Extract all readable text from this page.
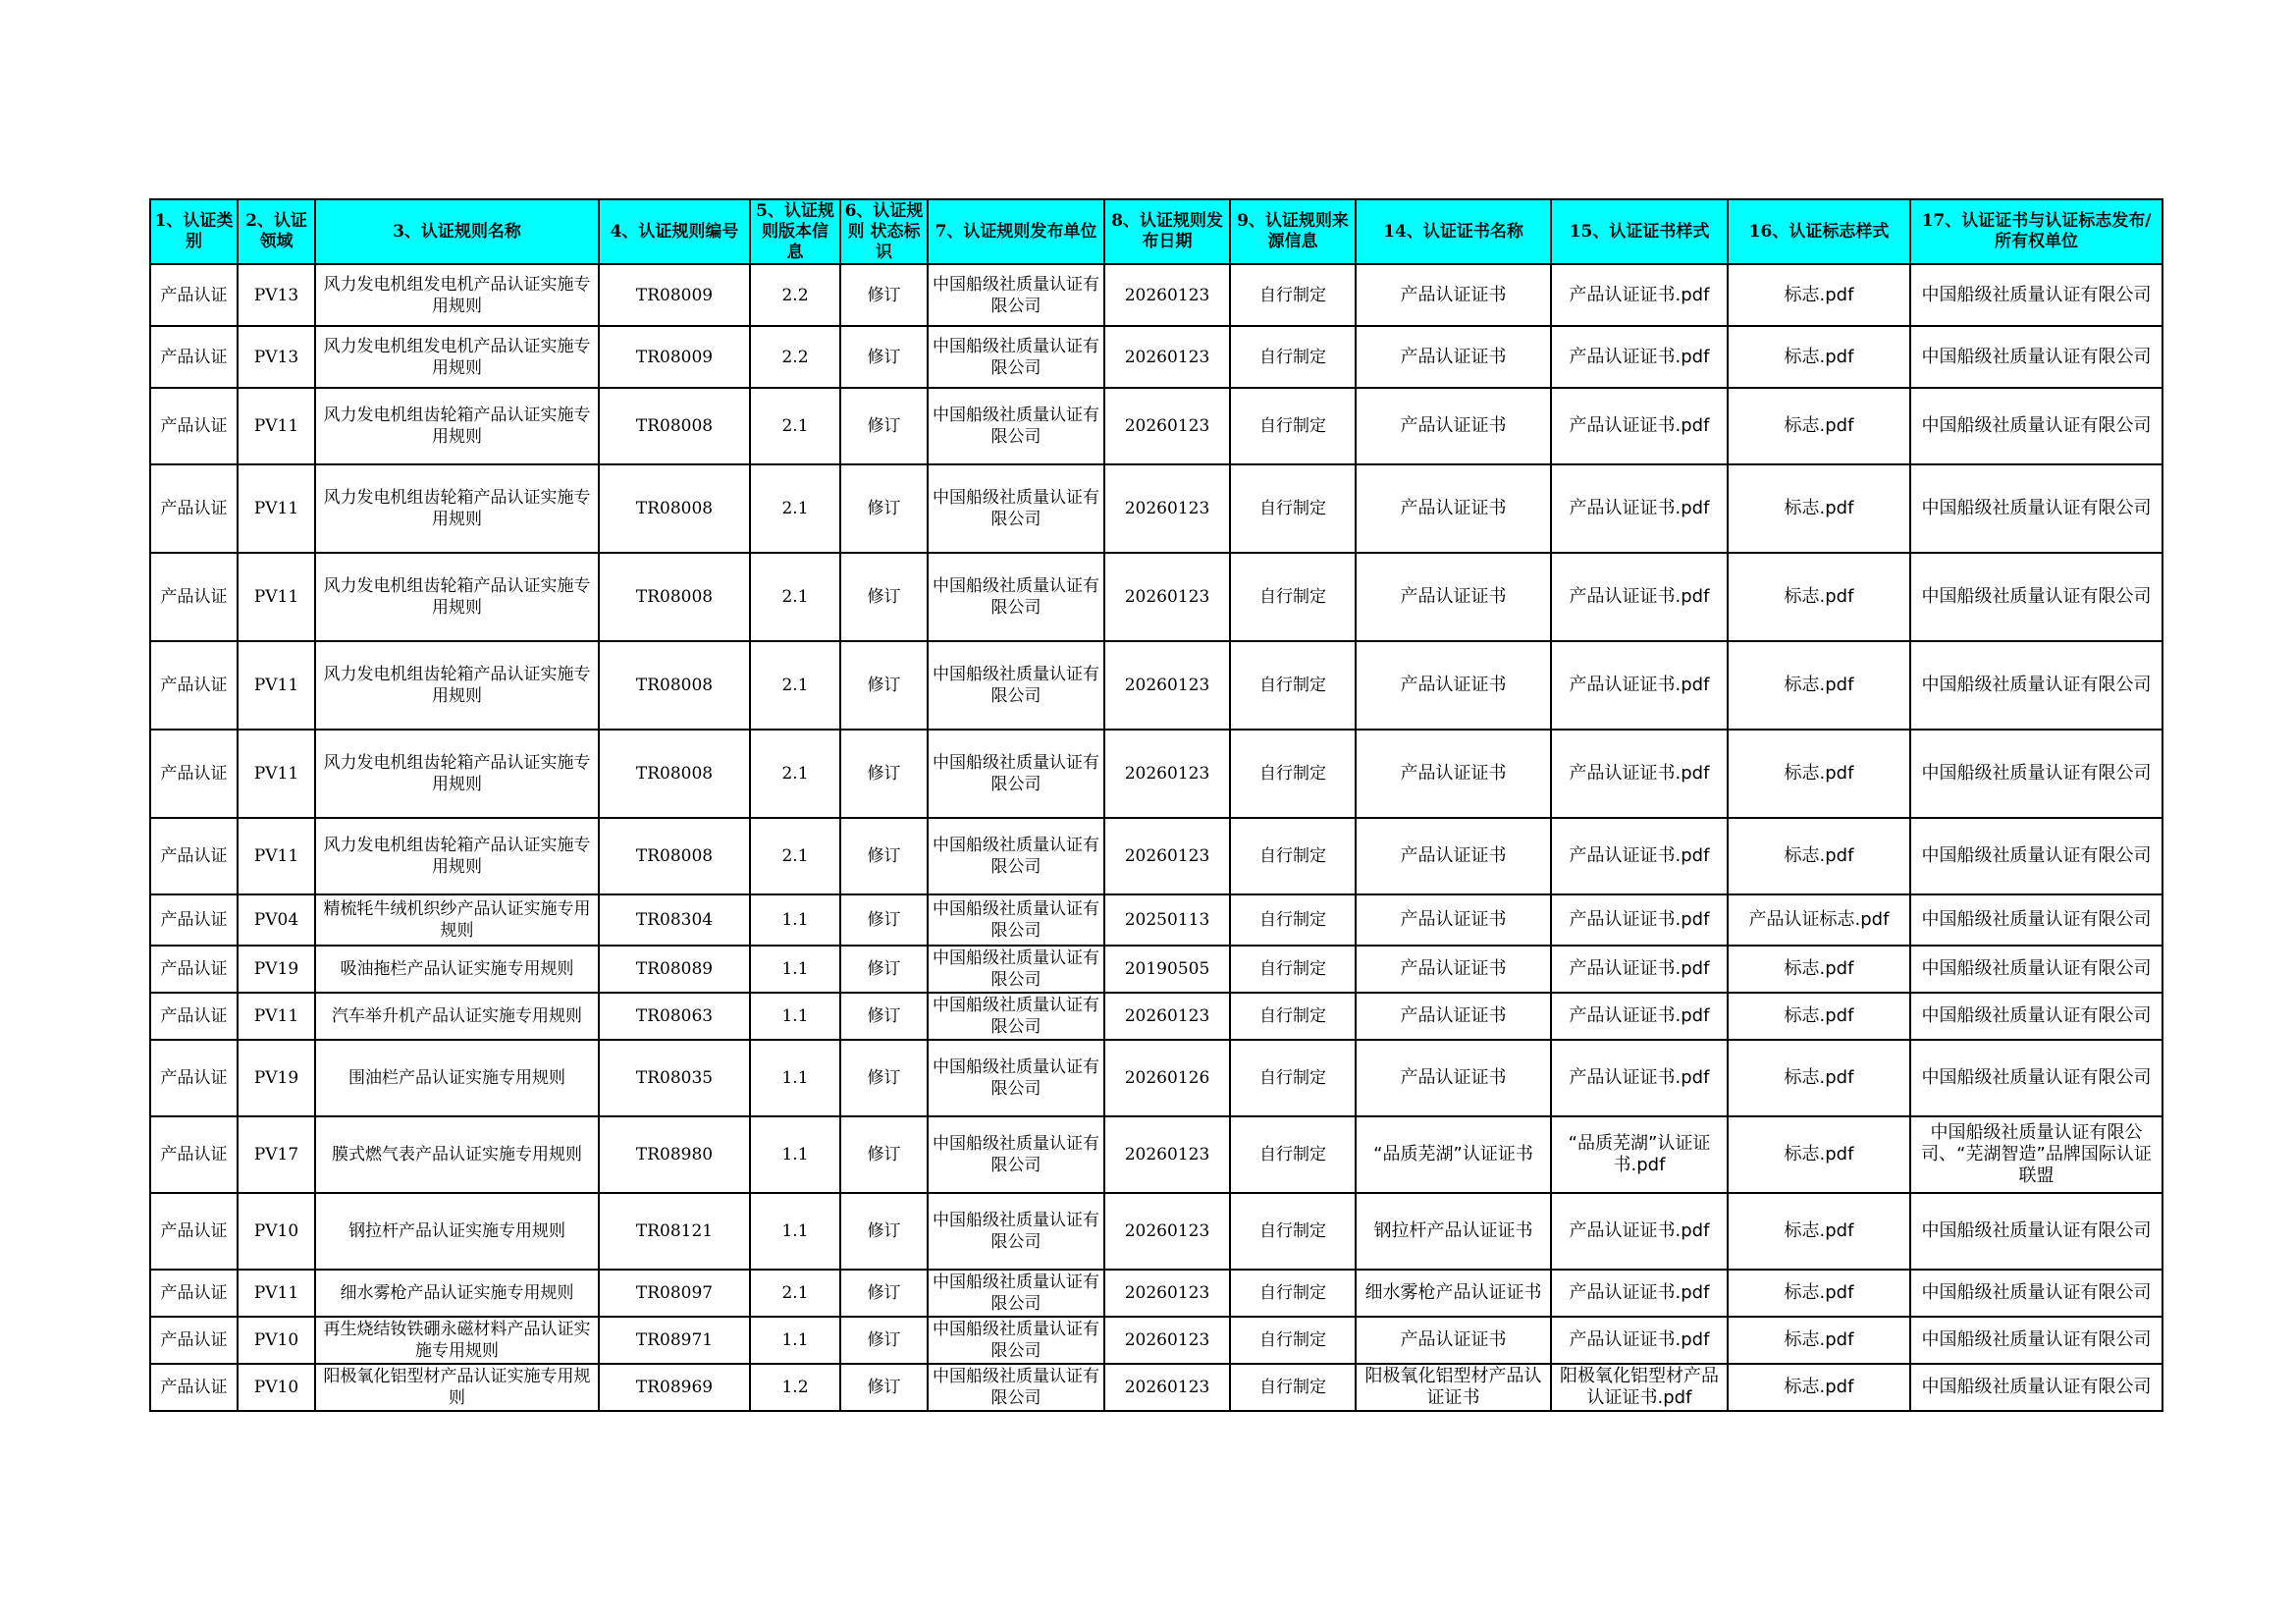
1、认证类别	2、认证领域	3、认证规则名称	4、认证规则编号	5、认证规则版本信息	6、认证规则 状态标识	7、认证规则发布单位	8、认证规则发布日期	9、认证规则来源信息	14、认证证书名称	15、认证证书样式	16、认证标志样式	17、认证证书与认证标志发布/所有权单位
产品认证	PV13	风力发电机组发电机产品认证实施专用规则	TR08009	2.2	修订	中国船级社质量认证有限公司	20260123	自行制定	产品认证证书	产品认证证书.pdf	标志.pdf	中国船级社质量认证有限公司
产品认证	PV13	风力发电机组发电机产品认证实施专用规则	TR08009	2.2	修订	中国船级社质量认证有限公司	20260123	自行制定	产品认证证书	产品认证证书.pdf	标志.pdf	中国船级社质量认证有限公司
产品认证	PV11	风力发电机组齿轮箱产品认证实施专用规则	TR08008	2.1	修订	中国船级社质量认证有限公司	20260123	自行制定	产品认证证书	产品认证证书.pdf	标志.pdf	中国船级社质量认证有限公司
产品认证	PV11	风力发电机组齿轮箱产品认证实施专用规则	TR08008	2.1	修订	中国船级社质量认证有限公司	20260123	自行制定	产品认证证书	产品认证证书.pdf	标志.pdf	中国船级社质量认证有限公司
产品认证	PV11	风力发电机组齿轮箱产品认证实施专用规则	TR08008	2.1	修订	中国船级社质量认证有限公司	20260123	自行制定	产品认证证书	产品认证证书.pdf	标志.pdf	中国船级社质量认证有限公司
产品认证	PV11	风力发电机组齿轮箱产品认证实施专用规则	TR08008	2.1	修订	中国船级社质量认证有限公司	20260123	自行制定	产品认证证书	产品认证证书.pdf	标志.pdf	中国船级社质量认证有限公司
产品认证	PV11	风力发电机组齿轮箱产品认证实施专用规则	TR08008	2.1	修订	中国船级社质量认证有限公司	20260123	自行制定	产品认证证书	产品认证证书.pdf	标志.pdf	中国船级社质量认证有限公司
产品认证	PV11	风力发电机组齿轮箱产品认证实施专用规则	TR08008	2.1	修订	中国船级社质量认证有限公司	20260123	自行制定	产品认证证书	产品认证证书.pdf	标志.pdf	中国船级社质量认证有限公司
产品认证	PV04	精梳牦牛绒机织纱产品认证实施专用规则	TR08304	1.1	修订	中国船级社质量认证有限公司	20250113	自行制定	产品认证证书	产品认证证书.pdf	产品认证标志.pdf	中国船级社质量认证有限公司
产品认证	PV19	吸油拖栏产品认证实施专用规则	TR08089	1.1	修订	中国船级社质量认证有限公司	20190505	自行制定	产品认证证书	产品认证证书.pdf	标志.pdf	中国船级社质量认证有限公司
产品认证	PV11	汽车举升机产品认证实施专用规则	TR08063	1.1	修订	中国船级社质量认证有限公司	20260123	自行制定	产品认证证书	产品认证证书.pdf	标志.pdf	中国船级社质量认证有限公司
产品认证	PV19	围油栏产品认证实施专用规则	TR08035	1.1	修订	中国船级社质量认证有限公司	20260126	自行制定	产品认证证书	产品认证证书.pdf	标志.pdf	中国船级社质量认证有限公司
产品认证	PV17	膜式燃气表产品认证实施专用规则	TR08980	1.1	修订	中国船级社质量认证有限公司	20260123	自行制定	“品质芜湖”认证证书	“品质芜湖”认证证书.pdf	标志.pdf	中国船级社质量认证有限公司、“芜湖智造”品牌国际认证联盟
产品认证	PV10	钢拉杆产品认证实施专用规则	TR08121	1.1	修订	中国船级社质量认证有限公司	20260123	自行制定	钢拉杆产品认证证书	产品认证证书.pdf	标志.pdf	中国船级社质量认证有限公司
产品认证	PV11	细水雾枪产品认证实施专用规则	TR08097	2.1	修订	中国船级社质量认证有限公司	20260123	自行制定	细水雾枪产品认证证书	产品认证证书.pdf	标志.pdf	中国船级社质量认证有限公司
产品认证	PV10	再生烧结钕铁硼永磁材料产品认证实施专用规则	TR08971	1.1	修订	中国船级社质量认证有限公司	20260123	自行制定	产品认证证书	产品认证证书.pdf	标志.pdf	中国船级社质量认证有限公司
产品认证	PV10	阳极氧化铝型材产品认证实施专用规则	TR08969	1.2	修订	中国船级社质量认证有限公司	20260123	自行制定	阳极氧化铝型材产品认证证书	阳极氧化铝型材产品认证证书.pdf	标志.pdf	中国船级社质量认证有限公司
